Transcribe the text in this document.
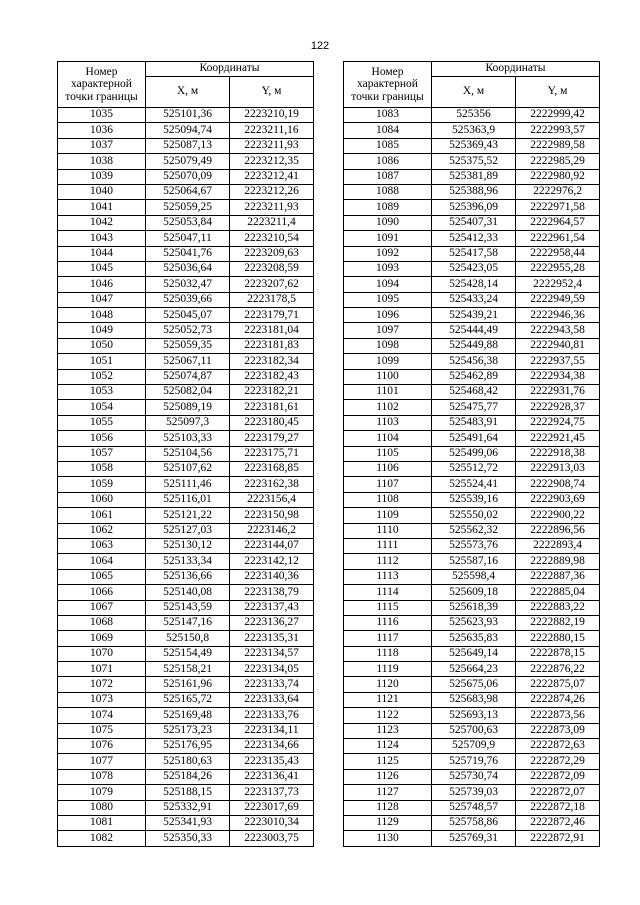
122
Номер характерной точки границы	Координаты	
	X, м	Y, м
1035	525101,36	2223210,19
1036	525094,74	2223211,16
1037	525087,13	2223211,93
1038	525079,49	2223212,35
1039	525070,09	2223212,41
1040	525064,67	2223212,26
1041	525059,25	2223211,93
1042	525053,84	2223211,4
1043	525047,11	2223210,54
1044	525041,76	2223209,63
1045	525036,64	2223208,59
1046	525032,47	2223207,62
1047	525039,66	2223178,5
1048	525045,07	2223179,71
1049	525052,73	2223181,04
1050	525059,35	2223181,83
1051	525067,11	2223182,34
1052	525074,87	2223182,43
1053	525082,04	2223182,21
1054	525089,19	2223181,61
1055	525097,3	2223180,45
1056	525103,33	2223179,27
1057	525104,56	2223175,71
1058	525107,62	2223168,85
1059	525111,46	2223162,38
1060	525116,01	2223156,4
1061	525121,22	2223150,98
1062	525127,03	2223146,2
1063	525130,12	2223144,07
1064	525133,34	2223142,12
1065	525136,66	2223140,36
1066	525140,08	2223138,79
1067	525143,59	2223137,43
1068	525147,16	2223136,27
1069	525150,8	2223135,31
1070	525154,49	2223134,57
1071	525158,21	2223134,05
1072	525161,96	2223133,74
1073	525165,72	2223133,64
1074	525169,48	2223133,76
1075	525173,23	2223134,11
1076	525176,95	2223134,66
1077	525180,63	2223135,43
1078	525184,26	2223136,41
1079	525188,15	2223137,73
1080	525332,91	2223017,69
1081	525341,93	2223010,34
1082	525350,33	2223003,75
Номер характерной точки границы	Координаты	
	X, м	Y, м
1083	525356	2222999,42
1084	525363,9	2222993,57
1085	525369,43	2222989,58
1086	525375,52	2222985,29
1087	525381,89	2222980,92
1088	525388,96	2222976,2
1089	525396,09	2222971,58
1090	525407,31	2222964,57
1091	525412,33	2222961,54
1092	525417,58	2222958,44
1093	525423,05	2222955,28
1094	525428,14	2222952,4
1095	525433,24	2222949,59
1096	525439,21	2222946,36
1097	525444,49	2222943,58
1098	525449,88	2222940,81
1099	525456,38	2222937,55
1100	525462,89	2222934,38
1101	525468,42	2222931,76
1102	525475,77	2222928,37
1103	525483,91	2222924,75
1104	525491,64	2222921,45
1105	525499,06	2222918,38
1106	525512,72	2222913,03
1107	525524,41	2222908,74
1108	525539,16	2222903,69
1109	525550,02	2222900,22
1110	525562,32	2222896,56
1111	525573,76	2222893,4
1112	525587,16	2222889,98
1113	525598,4	2222887,36
1114	525609,18	2222885,04
1115	525618,39	2222883,22
1116	525623,93	2222882,19
1117	525635,83	2222880,15
1118	525649,14	2222878,15
1119	525664,23	2222876,22
1120	525675,06	2222875,07
1121	525683,98	2222874,26
1122	525693,13	2222873,56
1123	525700,63	2222873,09
1124	525709,9	2222872,63
1125	525719,76	2222872,29
1126	525730,74	2222872,09
1127	525739,03	2222872,07
1128	525748,57	2222872,18
1129	525758,86	2222872,46
1130	525769,31	2222872,91
